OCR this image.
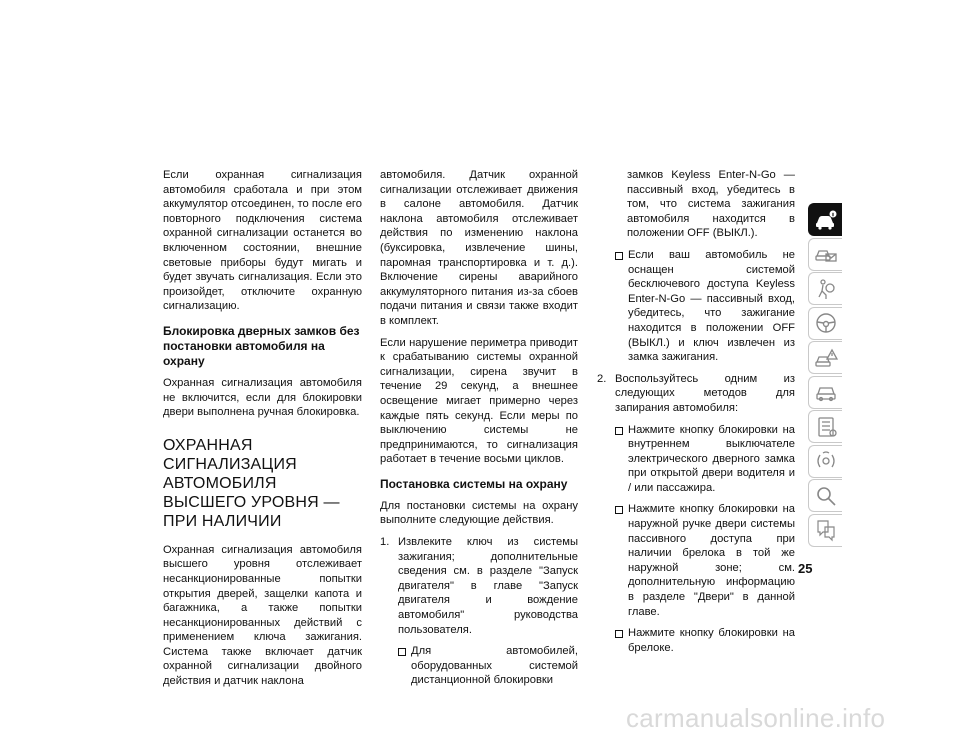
Если охранная сигнализация автомобиля сработала и при этом аккумулятор отсоединен, то после его повторного подключения система охранной сигнализации останется во включенном состоянии, внешние световые приборы будут мигать и будет звучать сигнализация. Если это произойдет, отключите охранную сигнализацию.

Блокировка дверных замков без постановки автомобиля на охрану

Охранная сигнализация автомобиля не включится, если для блокировки двери выполнена ручная блокировка.

ОХРАННАЯ СИГНАЛИЗАЦИЯ АВТОМОБИЛЯ ВЫСШЕГО УРОВНЯ — ПРИ НАЛИЧИИ

Охранная сигнализация автомобиля высшего уровня отслеживает несанкционированные попытки открытия дверей, защелки капота и багажника, а также попытки несанкционированных действий с применением ключа зажигания. Система также включает датчик охранной сигнализации двойного действия и датчик наклона

автомобиля. Датчик охранной сигнализации отслеживает движения в салоне автомобиля. Датчик наклона автомобиля отслеживает действия по изменению наклона (буксировка, извлечение шины, паромная транспортировка и т. д.). Включение сирены аварийного аккумуляторного питания из-за сбоев подачи питания и связи также входит в комплект.

Если нарушение периметра приводит к срабатыванию системы охранной сигнализации, сирена звучит в течение 29 секунд, а внешнее освещение мигает примерно через каждые пять секунд. Если меры по выключению системы не предпринимаются, то сигнализация работает в течение восьми циклов.

Постановка системы на охрану

Для постановки системы на охрану выполните следующие действия.

1. Извлеките ключ из системы зажигания; дополнительные сведения см. в разделе "Запуск двигателя" в главе "Запуск двигателя и вождение автомобиля" руководства пользователя.
Для автомобилей, оборудованных системой дистанционной блокировки
замков Keyless Enter-N-Go — пассивный вход, убедитесь в том, что система зажигания автомобиля находится в положении OFF (ВЫКЛ.).
Если ваш автомобиль не оснащен системой бесключевого доступа Keyless Enter-N-Go — пассивный вход, убедитесь, что зажигание находится в положении OFF (ВЫКЛ.) и ключ извлечен из замка зажигания.
2. Воспользуйтесь одним из следующих методов для запирания автомобиля:
Нажмите кнопку блокировки на внутреннем выключателе электрического дверного замка при открытой двери водителя и / или пассажира.
Нажмите кнопку блокировки на наружной ручке двери системы пассивного доступа при наличии брелока в той же наружной зоне; см. дополнительную информацию в разделе "Двери" в данной главе.
Нажмите кнопку блокировки на брелоке.
25
carmanualsonline.info
